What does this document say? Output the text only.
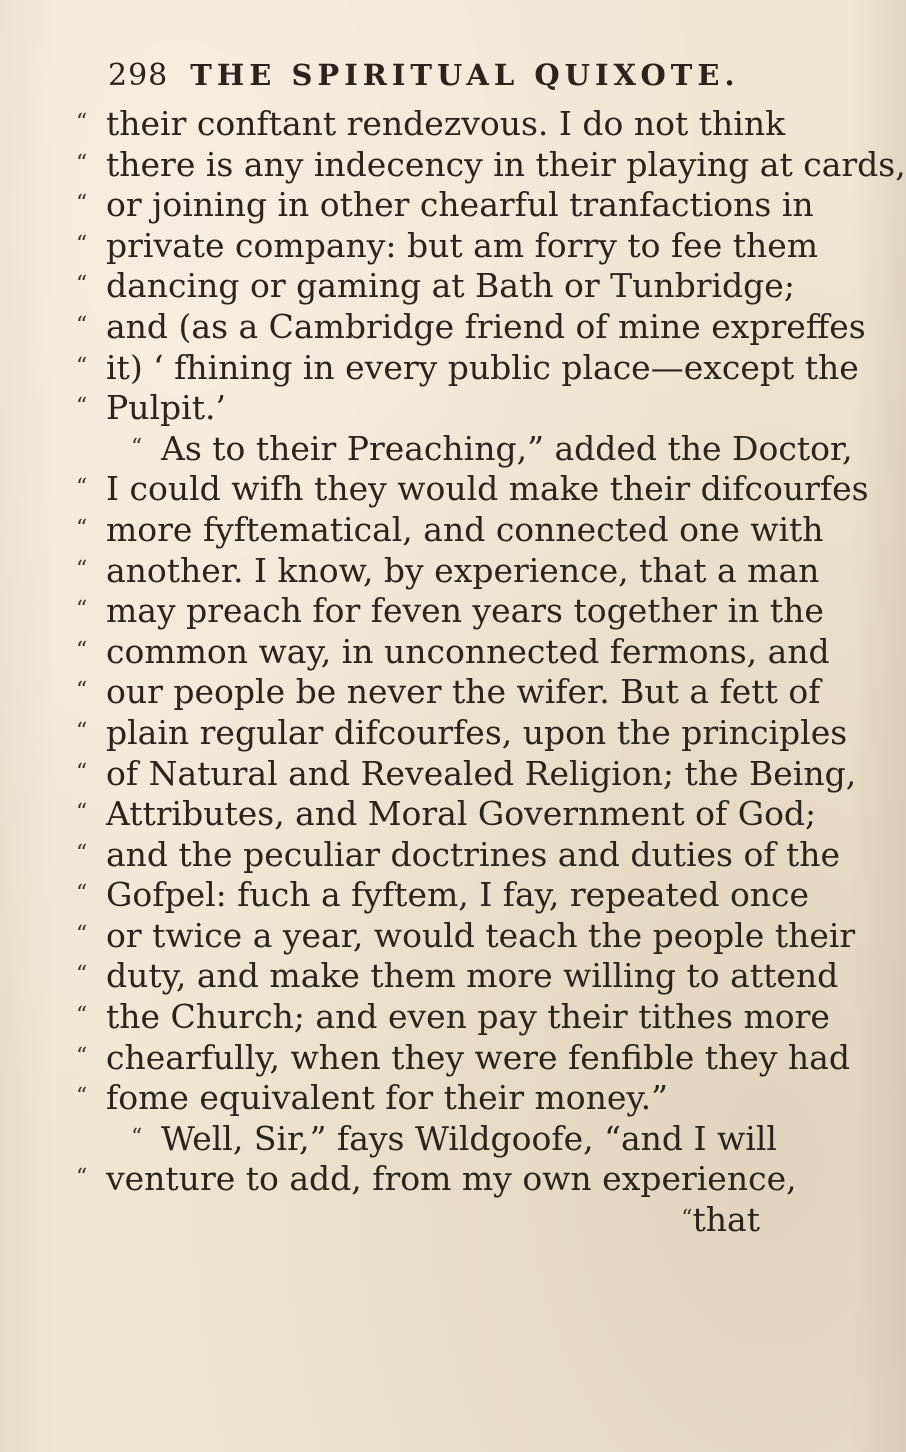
298 THE SPIRITUAL QUIXOTE.
“ their conftant rendezvous. I do not think
“ there is any indecency in their playing at cards,
“ or joining in other chearful tranfactions in
“ private company: but am forry to fee them
“ dancing or gaming at Bath or Tunbridge;
“ and (as a Cambridge friend of mine expreffes
“ it) ‘ fhining in every public place—except the
“ Pulpit.’
“ As to their Preaching,” added the Doctor,
“ I could wifh they would make their difcourfes
“ more fyftematical, and connected one with
“ another. I know, by experience, that a man
“ may preach for feven years together in the
“ common way, in unconnected fermons, and
“ our people be never the wifer. But a fett of
“ plain regular difcourfes, upon the principles
“ of Natural and Revealed Religion; the Being,
“ Attributes, and Moral Government of God;
“ and the peculiar doctrines and duties of the
“ Gofpel: fuch a fyftem, I fay, repeated once
“ or twice a year, would teach the people their
“ duty, and make them more willing to attend
“ the Church; and even pay their tithes more
“ chearfully, when they were fenfible they had
“ fome equivalent for their money.”
“ Well, Sir,” fays Wildgoofe, “and I will
“ venture to add, from my own experience,
“that
